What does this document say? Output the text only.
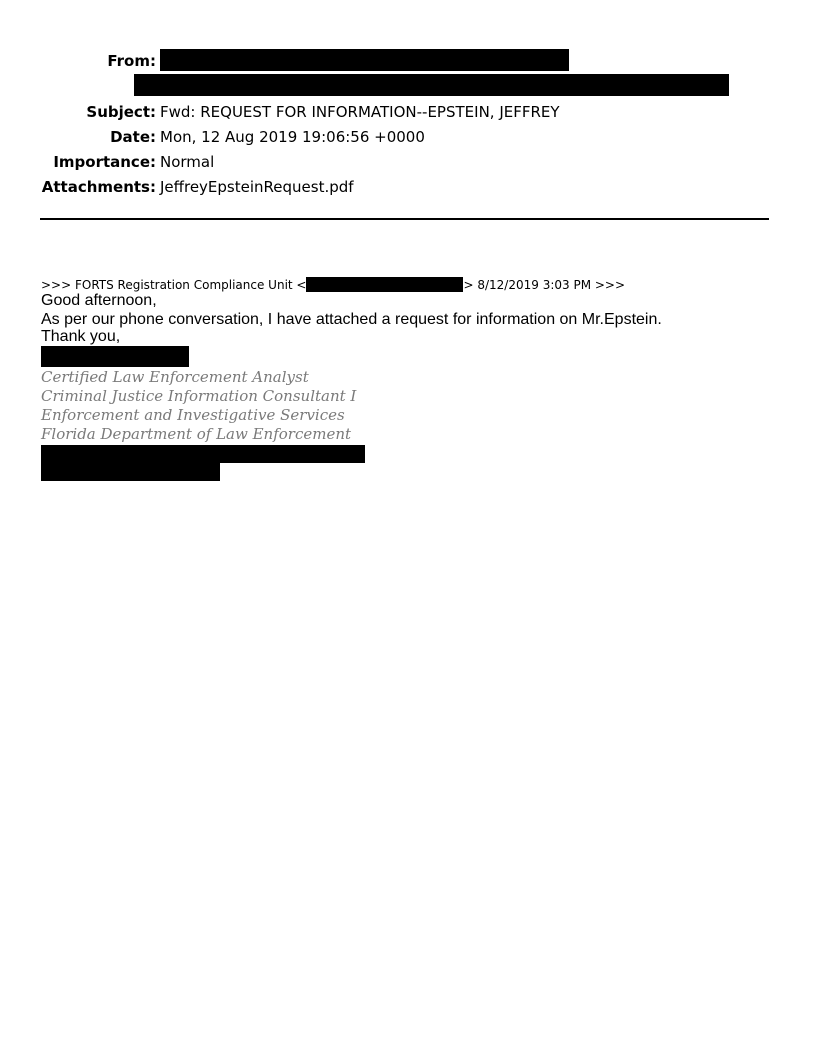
From:
Subject: Fwd: REQUEST FOR INFORMATION--EPSTEIN, JEFFREY
Date: Mon, 12 Aug 2019 19:06:56 +0000
Importance: Normal
Attachments: JeffreyEpsteinRequest.pdf
>>> FORTS Registration Compliance Unit <	> 8/12/2019 3:03 PM >>>
Good afternoon,
As per our phone conversation, I have attached a request for information on Mr.Epstein.
Thank you,
Certified Law Enforcement Analyst
Criminal Justice Information Consultant I
Enforcement and Investigative Services
Florida Department of Law Enforcement
